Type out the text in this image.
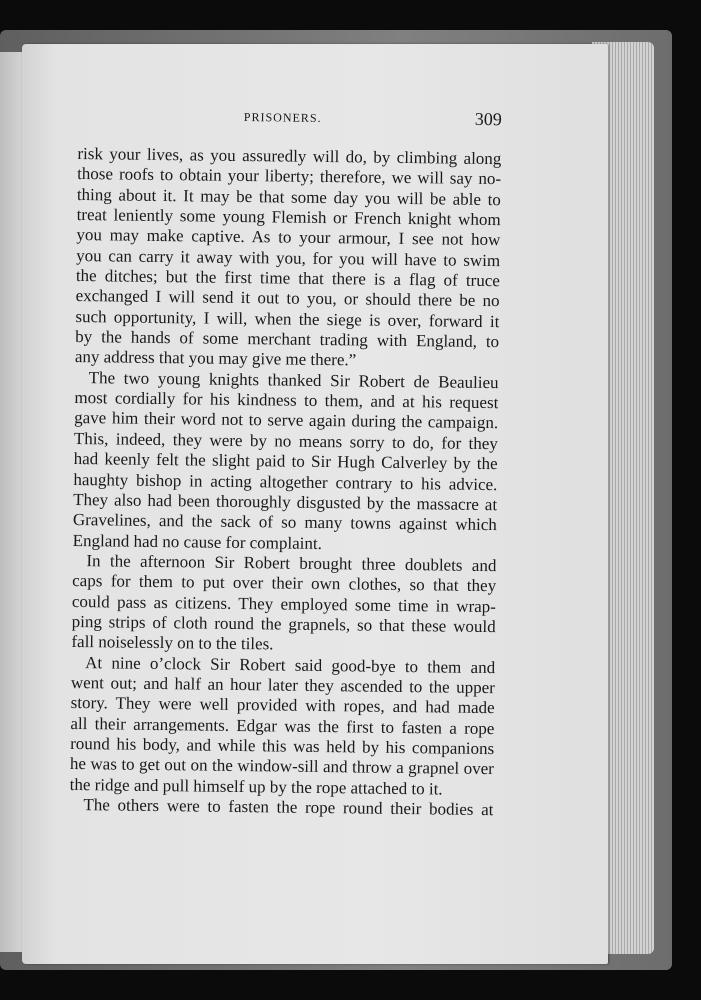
PRISONERS.	309
risk your lives, as you assuredly will do, by climbing along
those roofs to obtain your liberty; therefore, we will say no-
thing about it. It may be that some day you will be able to
treat leniently some young Flemish or French knight whom
you may make captive. As to your armour, I see not how
you can carry it away with you, for you will have to swim
the ditches; but the first time that there is a flag of truce
exchanged I will send it out to you, or should there be no
such opportunity, I will, when the siege is over, forward it
by the hands of some merchant trading with England, to
any address that you may give me there.”
The two young knights thanked Sir Robert de Beaulieu
most cordially for his kindness to them, and at his request
gave him their word not to serve again during the campaign.
This, indeed, they were by no means sorry to do, for they
had keenly felt the slight paid to Sir Hugh Calverley by the
haughty bishop in acting altogether contrary to his advice.
They also had been thoroughly disgusted by the massacre at
Gravelines, and the sack of so many towns against which
England had no cause for complaint.
In the afternoon Sir Robert brought three doublets and
caps for them to put over their own clothes, so that they
could pass as citizens. They employed some time in wrap-
ping strips of cloth round the grapnels, so that these would
fall noiselessly on to the tiles.
At nine o’clock Sir Robert said good-bye to them and
went out; and half an hour later they ascended to the upper
story. They were well provided with ropes, and had made
all their arrangements. Edgar was the first to fasten a rope
round his body, and while this was held by his companions
he was to get out on the window-sill and throw a grapnel over
the ridge and pull himself up by the rope attached to it.
The others were to fasten the rope round their bodies at
